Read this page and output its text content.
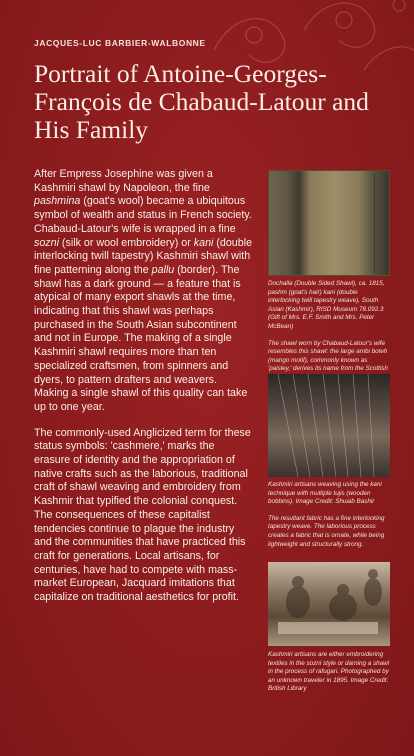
JACQUES-LUC BARBIER-WALBONNE
Portrait of Antoine-Georges-François de Chabaud-Latour and His Family

After Empress Josephine was given a Kashmiri shawl by Napoleon, the fine pashmina (goat's wool) became a ubiquitous symbol of wealth and status in French society. Chabaud-Latour's wife is wrapped in a fine sozni (silk or wool embroidery) or kani (double interlocking twill tapestry) Kashmiri shawl with fine patterning along the pallu (border). The shawl has a dark ground — a feature that is atypical of many export shawls at the time, indicating that this shawl was perhaps purchased in the South Asian subcontinent and not in Europe. The making of a single Kashmiri shawl requires more than ten specialized craftsmen, from spinners and dyers, to pattern drafters and weavers. Making a single shawl of this quality can take up to one year.

The commonly-used Anglicized term for these status symbols: 'cashmere,' marks the erasure of identity and the appropriation of native crafts such as the laborious, traditional craft of shawl weaving and embroidery from Kashmir that typified the colonial conquest. The consequences of these capitalist tendencies continue to plague the industry and the communities that have practiced this craft for generations. Local artisans, for centuries, have had to compete with mass-market European, Jacquard imitations that capitalize on traditional aesthetics for profit.

Dochalla (Double Sided Shawl), ca. 1815, pashm (goat's hair) kani (double interlocking twill tapestry weave), South Asian (Kashmir), RISD Museum 78.092.3 (Gift of Mrs. E.F. Smith and Mrs. Peter McBean)

The shawl worn by Chabaud-Latour's wife resembles this shawl: the large ambi boteh (mango motif), commonly known as 'paisley,' derives its name from the Scottish

Kashmiri artisans weaving using the kani technique with multiple tujis (wooden bobbins). Image Credit: Shuaib Bashir

The resultant fabric has a fine interlocking tapestry weave. The laborious process creates a fabric that is ornate, while being lightweight and structurally strong.

Kashmiri artisans are either embroidering textiles in the sozni style or darning a shawl in the process of rafugari. Photographed by an unknown traveler in 1895. Image Credit: British Library
